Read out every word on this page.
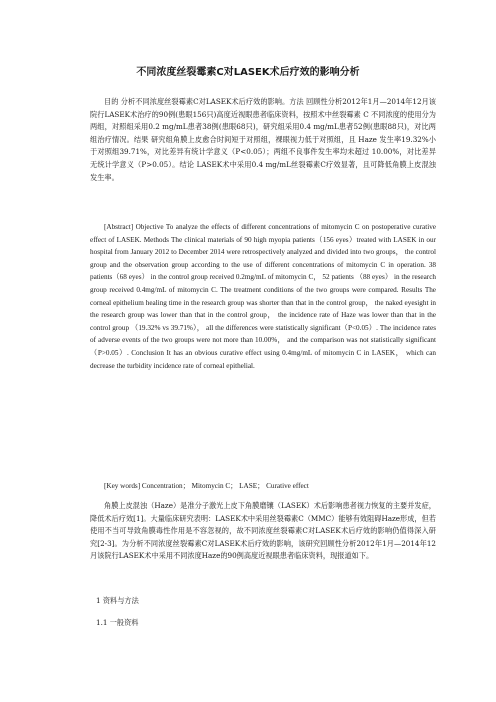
不同浓度丝裂霉素C对LASEK术后疗效的影响分析

目的 分析不同浓度丝裂霉素C对LASEK术后疗效的影响。方法 回顾性分析2012年1月—2014年12月该院行LASEK术治疗的90例(患眼156只)高度近视眼患者临床资料，按照术中丝裂霉素 C 不同浓度的使用分为两组，对照组采用0.2 mg/mL患者38例(患眼68只)，研究组采用0.4 mg/mL患者52例(患眼88只)，对比两组治疗情况。结果 研究组角膜上皮愈合时间短于对照组，裸眼视力低于对照组，且 Haze 发生率19.32%小于对照组39.71%，对比差异有统计学意义（P<0.05）；两组不良事件发生率均未超过 10.00%，对比差异无统计学意义（P>0.05）。结论 LASEK术中采用0.4 mg/mL丝裂霉素C疗效显著，且可降低角膜上皮混浊发生率。

[Abstract] Objective To analyze the effects of different concentrations of mitomycin C on postoperative curative effect of LASEK. Methods The clinical materials of 90 high myopia patients（156 eyes）treated with LASEK in our hospital from January 2012 to December 2014 were retrospectively analyzed and divided into two groups， the control group and the observation group according to the use of different concentrations of mitomycin C in operation. 38 patients（68 eyes） in the control group received 0.2mg/mL of mitomycin C， 52 patients （88 eyes） in the research group received 0.4mg/mL of mitomycin C. The treatment conditions of the two groups were compared. Results The corneal epithelium healing time in the research group was shorter than that in the control group， the naked eyesight in the research group was lower than that in the control group， the incidence rate of Haze was lower than that in the control group （19.32% vs 39.71%）， all the differences were statistically significant（P<0.05）. The incidence rates of adverse events of the two groups were not more than 10.00%， and the comparison was not statistically significant（P>0.05）. Conclusion It has an obvious curative effect using 0.4mg/mL of mitomycin C in LASEK， which can decrease the turbidity incidence rate of corneal epithelial.

[Key words] Concentration； Mitomycin C； LASE； Curative effect

角膜上皮混浊（Haze）是准分子激光上皮下角膜磨镶（LASEK）术后影响患者视力恢复的主要并发症，降低术后疗效[1]。大量临床研究表明：LASEK术中采用丝裂霉素C（MMC）能够有效阻碍Haze形成，但若使用不当可导致角膜毒性作用是不容忽视的，故不同浓度丝裂霉素C对LASEK术后疗效的影响仍值得深入研究[2-3]。为分析不同浓度丝裂霉素C对LASEK术后疗效的影响，该研究回顾性分析2012年1月—2014年12月该院行LASEK术中采用不同浓度Haze的90例高度近视眼患者临床资料，现报道如下。

1 资料与方法

1.1 一般资料
